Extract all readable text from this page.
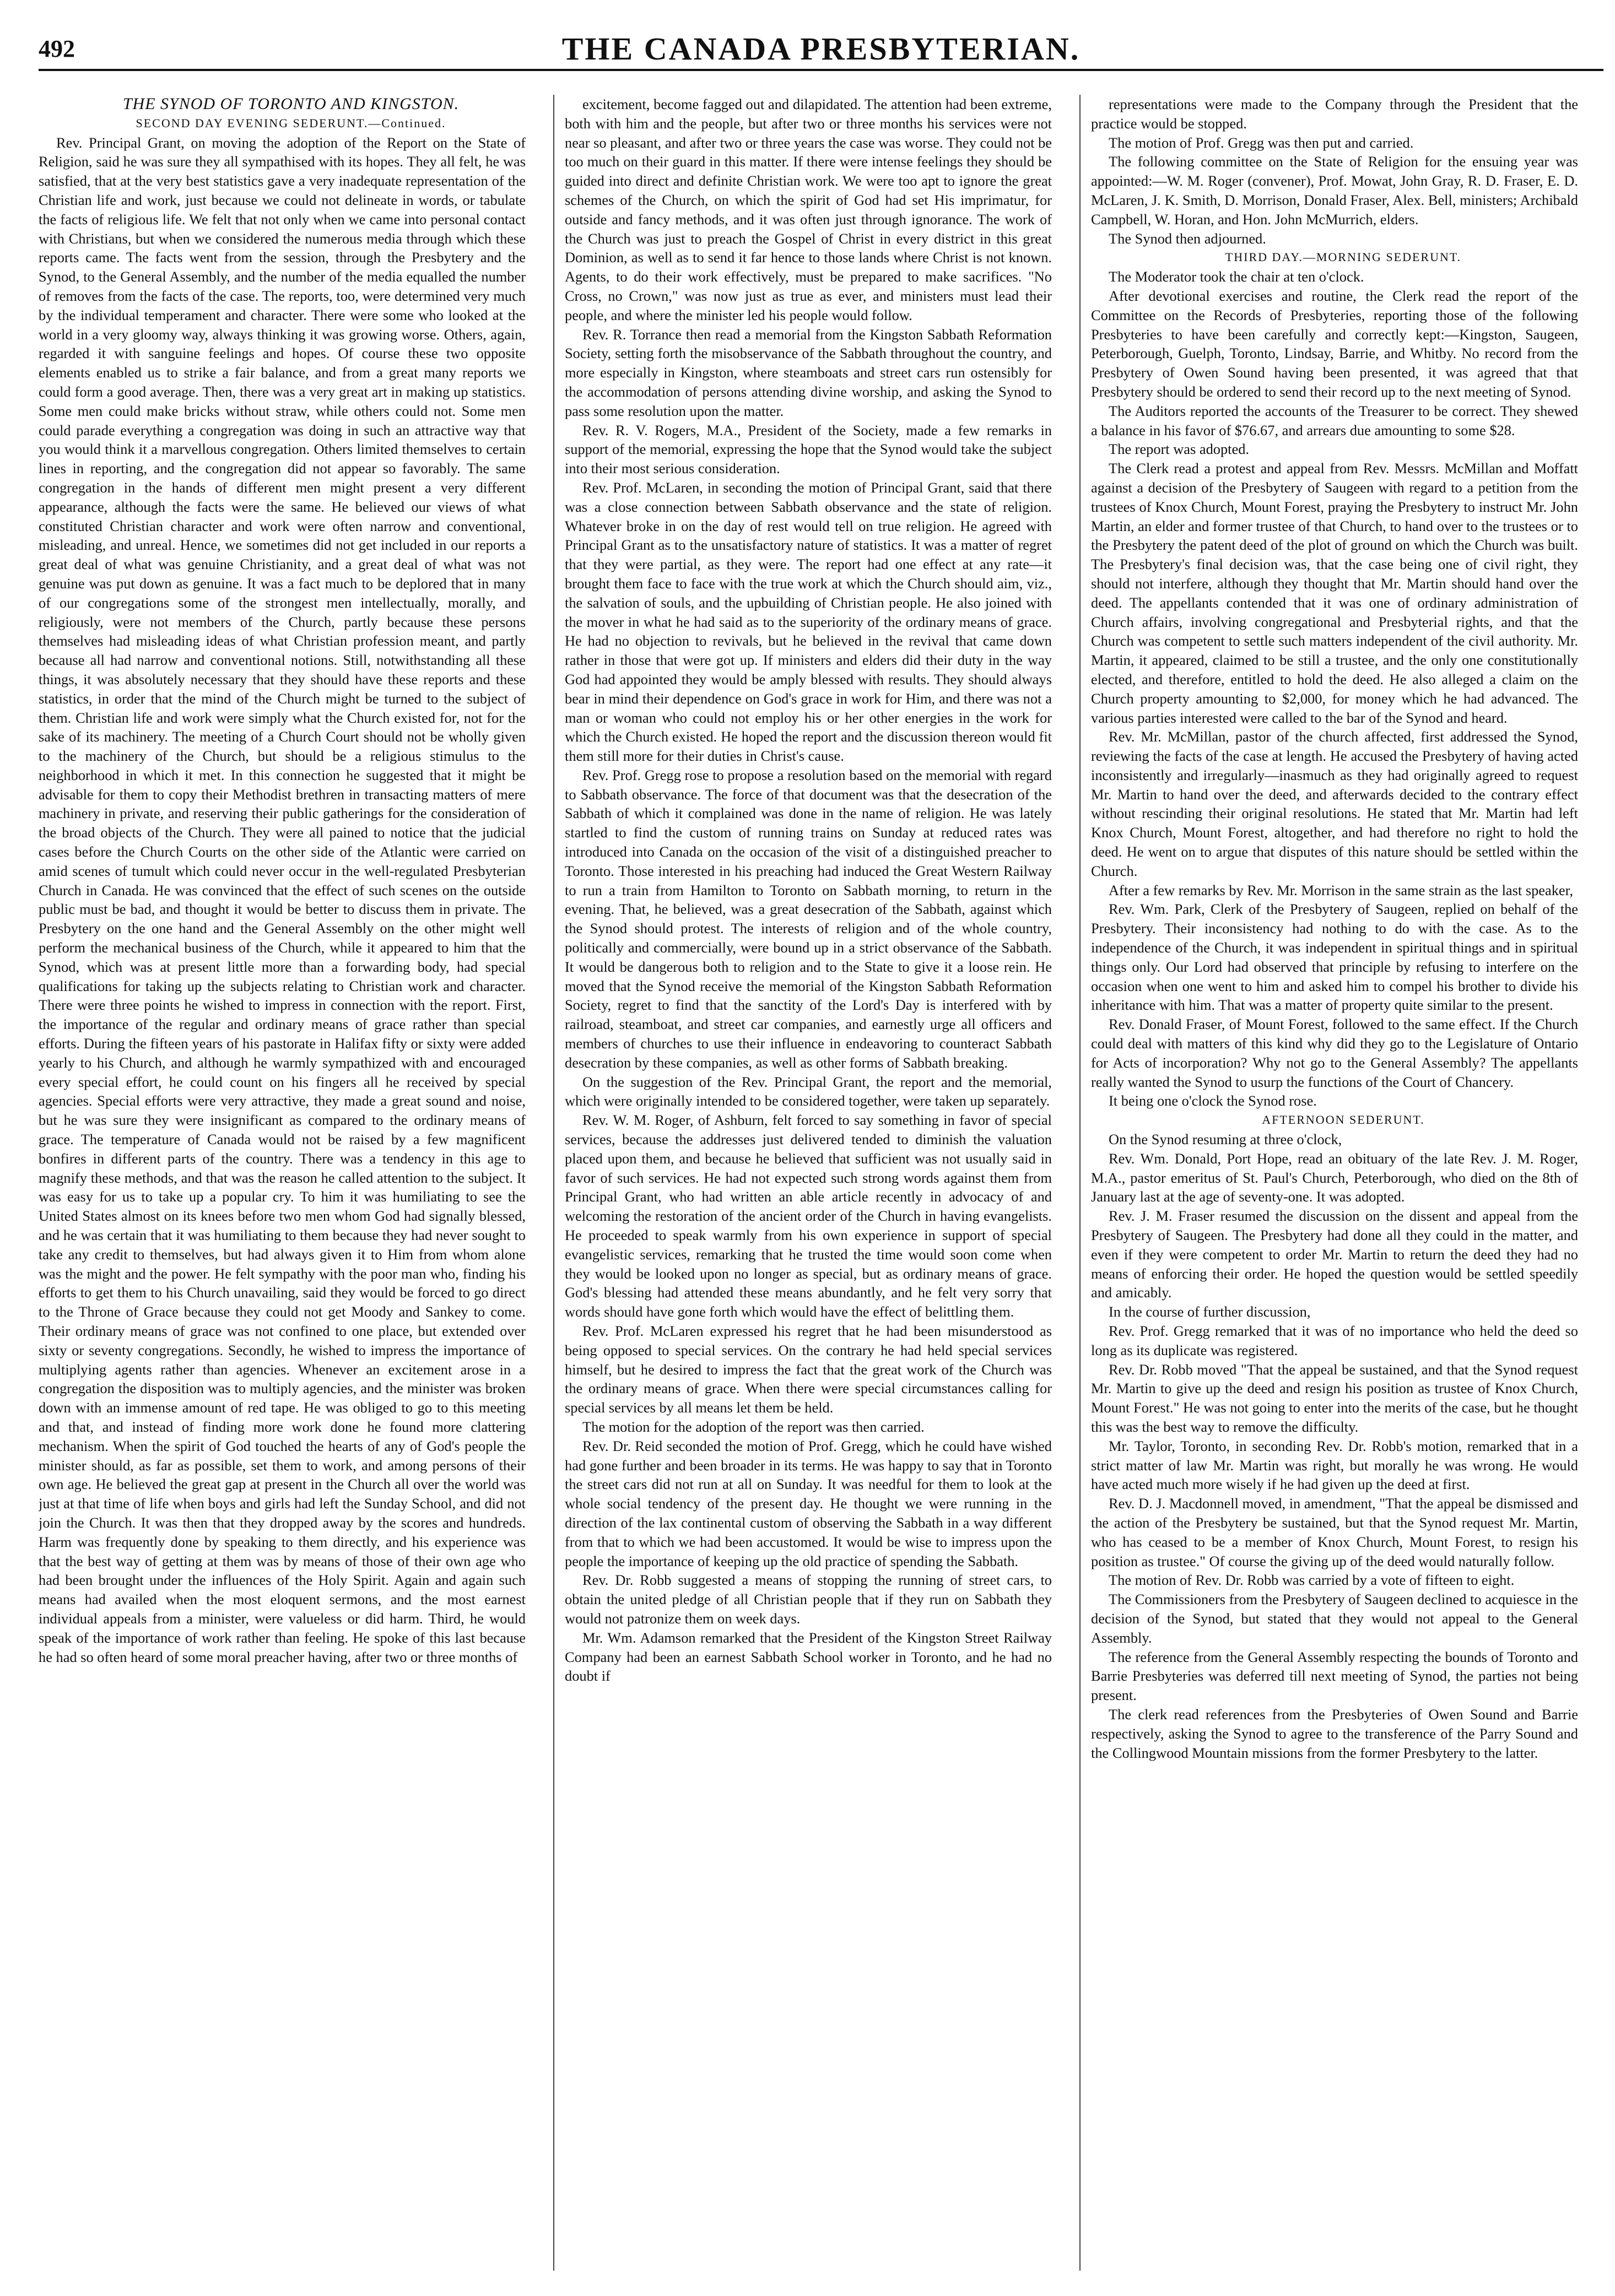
492	THE CANADA PRESBYTERIAN.

THE SYNOD OF TORONTO AND KINGSTON.

SECOND DAY EVENING SEDERUNT.—Continued.

Rev. Principal Grant, on moving the adoption of the Report on the State of Religion, said he was sure they all sympathised with its hopes. They all felt, he was satisfied, that at the very best statistics gave a very inadequate representation of the Christian life and work, just because we could not delineate in words, or tabulate the facts of religious life. We felt that not only when we came into personal contact with Christians, but when we considered the numerous media through which these reports came. The facts went from the session, through the Presbytery and the Synod, to the General Assembly, and the number of the media equalled the number of removes from the facts of the case. The reports, too, were determined very much by the individual temperament and character. There were some who looked at the world in a very gloomy way, always thinking it was growing worse. Others, again, regarded it with sanguine feelings and hopes. Of course these two opposite elements enabled us to strike a fair balance, and from a great many reports we could form a good average. Then, there was a very great art in making up statistics. Some men could make bricks without straw, while others could not. Some men could parade everything a congregation was doing in such an attractive way that you would think it a marvellous congregation. Others limited themselves to certain lines in reporting, and the congregation did not appear so favorably. The same congregation in the hands of different men might present a very different appearance, although the facts were the same. He believed our views of what constituted Christian character and work were often narrow and conventional, misleading, and unreal. Hence, we sometimes did not get included in our reports a great deal of what was genuine Christianity, and a great deal of what was not genuine was put down as genuine. It was a fact much to be deplored that in many of our congregations some of the strongest men intellectually, morally, and religiously, were not members of the Church, partly because these persons themselves had misleading ideas of what Christian profession meant, and partly because all had narrow and conventional notions. Still, notwithstanding all these things, it was absolutely necessary that they should have these reports and these statistics, in order that the mind of the Church might be turned to the subject of them. Christian life and work were simply what the Church existed for, not for the sake of its machinery. The meeting of a Church Court should not be wholly given to the machinery of the Church, but should be a religious stimulus to the neighborhood in which it met. In this connection he suggested that it might be advisable for them to copy their Methodist brethren in transacting matters of mere machinery in private, and reserving their public gatherings for the consideration of the broad objects of the Church. They were all pained to notice that the judicial cases before the Church Courts on the other side of the Atlantic were carried on amid scenes of tumult which could never occur in the well-regulated Presbyterian Church in Canada. He was convinced that the effect of such scenes on the outside public must be bad, and thought it would be better to discuss them in private. The Presbytery on the one hand and the General Assembly on the other might well perform the mechanical business of the Church, while it appeared to him that the Synod, which was at present little more than a forwarding body, had special qualifications for taking up the subjects relating to Christian work and character. There were three points he wished to impress in connection with the report. First, the importance of the regular and ordinary means of grace rather than special efforts. During the fifteen years of his pastorate in Halifax fifty or sixty were added yearly to his Church, and although he warmly sympathized with and encouraged every special effort, he could count on his fingers all he received by special agencies. Special efforts were very attractive, they made a great sound and noise, but he was sure they were insignificant as compared to the ordinary means of grace. The temperature of Canada would not be raised by a few magnificent bonfires in different parts of the country. There was a tendency in this age to magnify these methods, and that was the reason he called attention to the subject. It was easy for us to take up a popular cry. To him it was humiliating to see the United States almost on its knees before two men whom God had signally blessed, and he was certain that it was humiliating to them because they had never sought to take any credit to themselves, but had always given it to Him from whom alone was the might and the power. He felt sympathy with the poor man who, finding his efforts to get them to his Church unavailing, said they would be forced to go direct to the Throne of Grace because they could not get Moody and Sankey to come. Their ordinary means of grace was not confined to one place, but extended over sixty or seventy congregations. Secondly, he wished to impress the importance of multiplying agents rather than agencies. Whenever an excitement arose in a congregation the disposition was to multiply agencies, and the minister was broken down with an immense amount of red tape. He was obliged to go to this meeting and that, and instead of finding more work done he found more clattering mechanism. When the spirit of God touched the hearts of any of God's people the minister should, as far as possible, set them to work, and among persons of their own age. He believed the great gap at present in the Church all over the world was just at that time of life when boys and girls had left the Sunday School, and did not join the Church. It was then that they dropped away by the scores and hundreds. Harm was frequently done by speaking to them directly, and his experience was that the best way of getting at them was by means of those of their own age who had been brought under the influences of the Holy Spirit. Again and again such means had availed when the most eloquent sermons, and the most earnest individual appeals from a minister, were valueless or did harm. Third, he would speak of the importance of work rather than feeling. He spoke of this last because he had so often heard of some moral preacher having, after two or three months of

excitement, become fagged out and dilapidated. The attention had been extreme, both with him and the people, but after two or three months his services were not near so pleasant, and after two or three years the case was worse. They could not be too much on their guard in this matter. If there were intense feelings they should be guided into direct and definite Christian work. We were too apt to ignore the great schemes of the Church, on which the spirit of God had set His imprimatur, for outside and fancy methods, and it was often just through ignorance. The work of the Church was just to preach the Gospel of Christ in every district in this great Dominion, as well as to send it far hence to those lands where Christ is not known. Agents, to do their work effectively, must be prepared to make sacrifices. "No Cross, no Crown," was now just as true as ever, and ministers must lead their people, and where the minister led his people would follow.

Rev. R. Torrance then read a memorial from the Kingston Sabbath Reformation Society, setting forth the misobservance of the Sabbath throughout the country, and more especially in Kingston, where steamboats and street cars run ostensibly for the accommodation of persons attending divine worship, and asking the Synod to pass some resolution upon the matter.

Rev. R. V. Rogers, M.A., President of the Society, made a few remarks in support of the memorial, expressing the hope that the Synod would take the subject into their most serious consideration.

Rev. Prof. McLaren, in seconding the motion of Principal Grant, said that there was a close connection between Sabbath observance and the state of religion. Whatever broke in on the day of rest would tell on true religion. He agreed with Principal Grant as to the unsatisfactory nature of statistics. It was a matter of regret that they were partial, as they were. The report had one effect at any rate—it brought them face to face with the true work at which the Church should aim, viz., the salvation of souls, and the upbuilding of Christian people. He also joined with the mover in what he had said as to the superiority of the ordinary means of grace. He had no objection to revivals, but he believed in the revival that came down rather in those that were got up. If ministers and elders did their duty in the way God had appointed they would be amply blessed with results. They should always bear in mind their dependence on God's grace in work for Him, and there was not a man or woman who could not employ his or her other energies in the work for which the Church existed. He hoped the report and the discussion thereon would fit them still more for their duties in Christ's cause.

Rev. Prof. Gregg rose to propose a resolution based on the memorial with regard to Sabbath observance. The force of that document was that the desecration of the Sabbath of which it complained was done in the name of religion. He was lately startled to find the custom of running trains on Sunday at reduced rates was introduced into Canada on the occasion of the visit of a distinguished preacher to Toronto. Those interested in his preaching had induced the Great Western Railway to run a train from Hamilton to Toronto on Sabbath morning, to return in the evening. That, he believed, was a great desecration of the Sabbath, against which the Synod should protest. The interests of religion and of the whole country, politically and commercially, were bound up in a strict observance of the Sabbath. It would be dangerous both to religion and to the State to give it a loose rein. He moved that the Synod receive the memorial of the Kingston Sabbath Reformation Society, regret to find that the sanctity of the Lord's Day is interfered with by railroad, steamboat, and street car companies, and earnestly urge all officers and members of churches to use their influence in endeavoring to counteract Sabbath desecration by these companies, as well as other forms of Sabbath breaking.

On the suggestion of the Rev. Principal Grant, the report and the memorial, which were originally intended to be considered together, were taken up separately.

Rev. W. M. Roger, of Ashburn, felt forced to say something in favor of special services, because the addresses just delivered tended to diminish the valuation placed upon them, and because he believed that sufficient was not usually said in favor of such services. He had not expected such strong words against them from Principal Grant, who had written an able article recently in advocacy of and welcoming the restoration of the ancient order of the Church in having evangelists. He proceeded to speak warmly from his own experience in support of special evangelistic services, remarking that he trusted the time would soon come when they would be looked upon no longer as special, but as ordinary means of grace. God's blessing had attended these means abundantly, and he felt very sorry that words should have gone forth which would have the effect of belittling them.

Rev. Prof. McLaren expressed his regret that he had been misunderstood as being opposed to special services. On the contrary he had held special services himself, but he desired to impress the fact that the great work of the Church was the ordinary means of grace. When there were special circumstances calling for special services by all means let them be held.

The motion for the adoption of the report was then carried.

Rev. Dr. Reid seconded the motion of Prof. Gregg, which he could have wished had gone further and been broader in its terms. He was happy to say that in Toronto the street cars did not run at all on Sunday. It was needful for them to look at the whole social tendency of the present day. He thought we were running in the direction of the lax continental custom of observing the Sabbath in a way different from that to which we had been accustomed. It would be wise to impress upon the people the importance of keeping up the old practice of spending the Sabbath.

Rev. Dr. Robb suggested a means of stopping the running of street cars, to obtain the united pledge of all Christian people that if they run on Sabbath they would not patronize them on week days.

Mr. Wm. Adamson remarked that the President of the Kingston Street Railway Company had been an earnest Sabbath School worker in Toronto, and he had no doubt if

representations were made to the Company through the President that the practice would be stopped.

The motion of Prof. Gregg was then put and carried.

The following committee on the State of Religion for the ensuing year was appointed:—W. M. Roger (convener), Prof. Mowat, John Gray, R. D. Fraser, E. D. McLaren, J. K. Smith, D. Morrison, Donald Fraser, Alex. Bell, ministers; Archibald Campbell, W. Horan, and Hon. John McMurrich, elders.

The Synod then adjourned.

THIRD DAY.—MORNING SEDERUNT.

The Moderator took the chair at ten o'clock.

After devotional exercises and routine, the Clerk read the report of the Committee on the Records of Presbyteries, reporting those of the following Presbyteries to have been carefully and correctly kept:—Kingston, Saugeen, Peterborough, Guelph, Toronto, Lindsay, Barrie, and Whitby. No record from the Presbytery of Owen Sound having been presented, it was agreed that that Presbytery should be ordered to send their record up to the next meeting of Synod.

The Auditors reported the accounts of the Treasurer to be correct. They shewed a balance in his favor of $76.67, and arrears due amounting to some $28.

The report was adopted.

The Clerk read a protest and appeal from Rev. Messrs. McMillan and Moffatt against a decision of the Presbytery of Saugeen with regard to a petition from the trustees of Knox Church, Mount Forest, praying the Presbytery to instruct Mr. John Martin, an elder and former trustee of that Church, to hand over to the trustees or to the Presbytery the patent deed of the plot of ground on which the Church was built. The Presbytery's final decision was, that the case being one of civil right, they should not interfere, although they thought that Mr. Martin should hand over the deed. The appellants contended that it was one of ordinary administration of Church affairs, involving congregational and Presbyterial rights, and that the Church was competent to settle such matters independent of the civil authority. Mr. Martin, it appeared, claimed to be still a trustee, and the only one constitutionally elected, and therefore, entitled to hold the deed. He also alleged a claim on the Church property amounting to $2,000, for money which he had advanced. The various parties interested were called to the bar of the Synod and heard.

Rev. Mr. McMillan, pastor of the church affected, first addressed the Synod, reviewing the facts of the case at length. He accused the Presbytery of having acted inconsistently and irregularly—inasmuch as they had originally agreed to request Mr. Martin to hand over the deed, and afterwards decided to the contrary effect without rescinding their original resolutions. He stated that Mr. Martin had left Knox Church, Mount Forest, altogether, and had therefore no right to hold the deed. He went on to argue that disputes of this nature should be settled within the Church.

After a few remarks by Rev. Mr. Morrison in the same strain as the last speaker,

Rev. Wm. Park, Clerk of the Presbytery of Saugeen, replied on behalf of the Presbytery. Their inconsistency had nothing to do with the case. As to the independence of the Church, it was independent in spiritual things and in spiritual things only. Our Lord had observed that principle by refusing to interfere on the occasion when one went to him and asked him to compel his brother to divide his inheritance with him. That was a matter of property quite similar to the present.

Rev. Donald Fraser, of Mount Forest, followed to the same effect. If the Church could deal with matters of this kind why did they go to the Legislature of Ontario for Acts of incorporation? Why not go to the General Assembly? The appellants really wanted the Synod to usurp the functions of the Court of Chancery.

It being one o'clock the Synod rose.

AFTERNOON SEDERUNT.

On the Synod resuming at three o'clock,

Rev. Wm. Donald, Port Hope, read an obituary of the late Rev. J. M. Roger, M.A., pastor emeritus of St. Paul's Church, Peterborough, who died on the 8th of January last at the age of seventy-one. It was adopted.

Rev. J. M. Fraser resumed the discussion on the dissent and appeal from the Presbytery of Saugeen. The Presbytery had done all they could in the matter, and even if they were competent to order Mr. Martin to return the deed they had no means of enforcing their order. He hoped the question would be settled speedily and amicably.

In the course of further discussion,

Rev. Prof. Gregg remarked that it was of no importance who held the deed so long as its duplicate was registered.

Rev. Dr. Robb moved "That the appeal be sustained, and that the Synod request Mr. Martin to give up the deed and resign his position as trustee of Knox Church, Mount Forest." He was not going to enter into the merits of the case, but he thought this was the best way to remove the difficulty.

Mr. Taylor, Toronto, in seconding Rev. Dr. Robb's motion, remarked that in a strict matter of law Mr. Martin was right, but morally he was wrong. He would have acted much more wisely if he had given up the deed at first.

Rev. D. J. Macdonnell moved, in amendment, "That the appeal be dismissed and the action of the Presbytery be sustained, but that the Synod request Mr. Martin, who has ceased to be a member of Knox Church, Mount Forest, to resign his position as trustee." Of course the giving up of the deed would naturally follow.

The motion of Rev. Dr. Robb was carried by a vote of fifteen to eight.

The Commissioners from the Presbytery of Saugeen declined to acquiesce in the decision of the Synod, but stated that they would not appeal to the General Assembly.

The reference from the General Assembly respecting the bounds of Toronto and Barrie Presbyteries was deferred till next meeting of Synod, the parties not being present.

The clerk read references from the Presbyteries of Owen Sound and Barrie respectively, asking the Synod to agree to the transference of the Parry Sound and the Collingwood Mountain missions from the former Presbytery to the latter.
